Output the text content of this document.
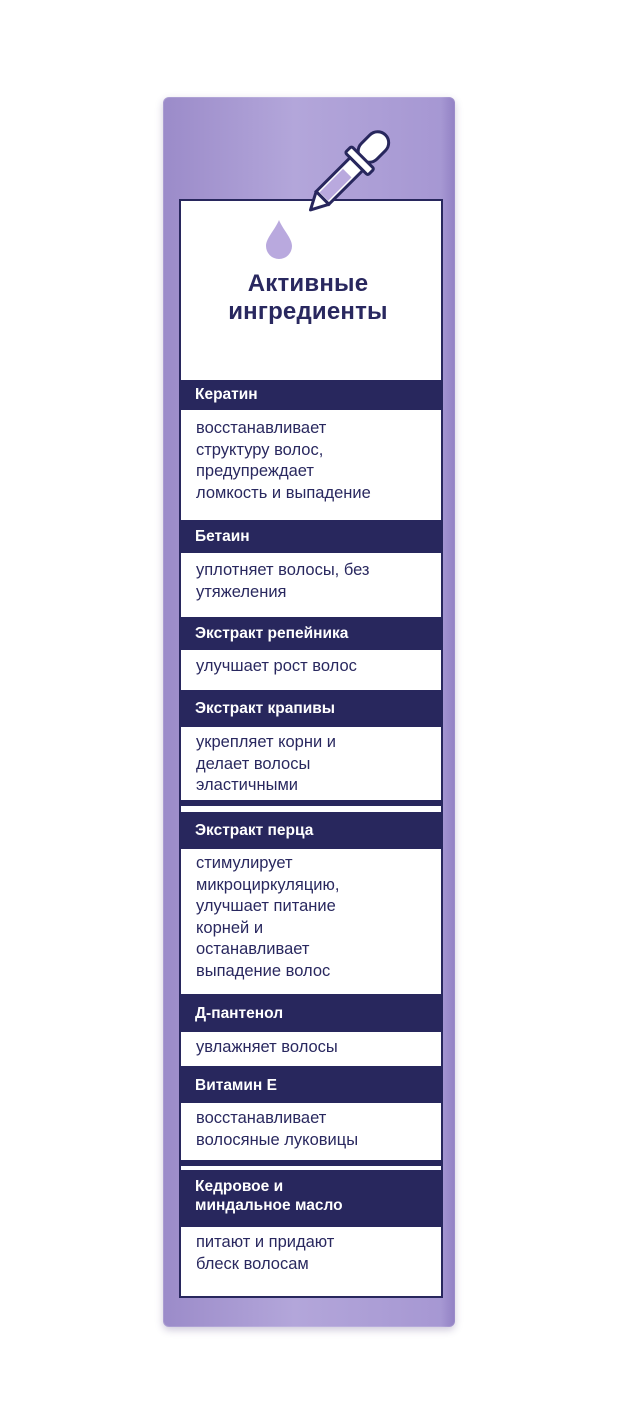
Активные
ингредиенты
Кератин
восстанавливает
структуру волос,
предупреждает
ломкость и выпадение
Бетаин
уплотняет волосы, без
утяжеления
Экстракт репейника
улучшает рост волос
Экстракт крапивы
укрепляет корни и
делает волосы
эластичными
Экстракт перца
стимулирует
микроциркуляцию,
улучшает питание
корней и
останавливает
выпадение волос
Д-пантенол
увлажняет волосы
Витамин Е
восстанавливает
волосяные луковицы
Кедровое и
миндальное масло
питают и придают
блеск волосам
